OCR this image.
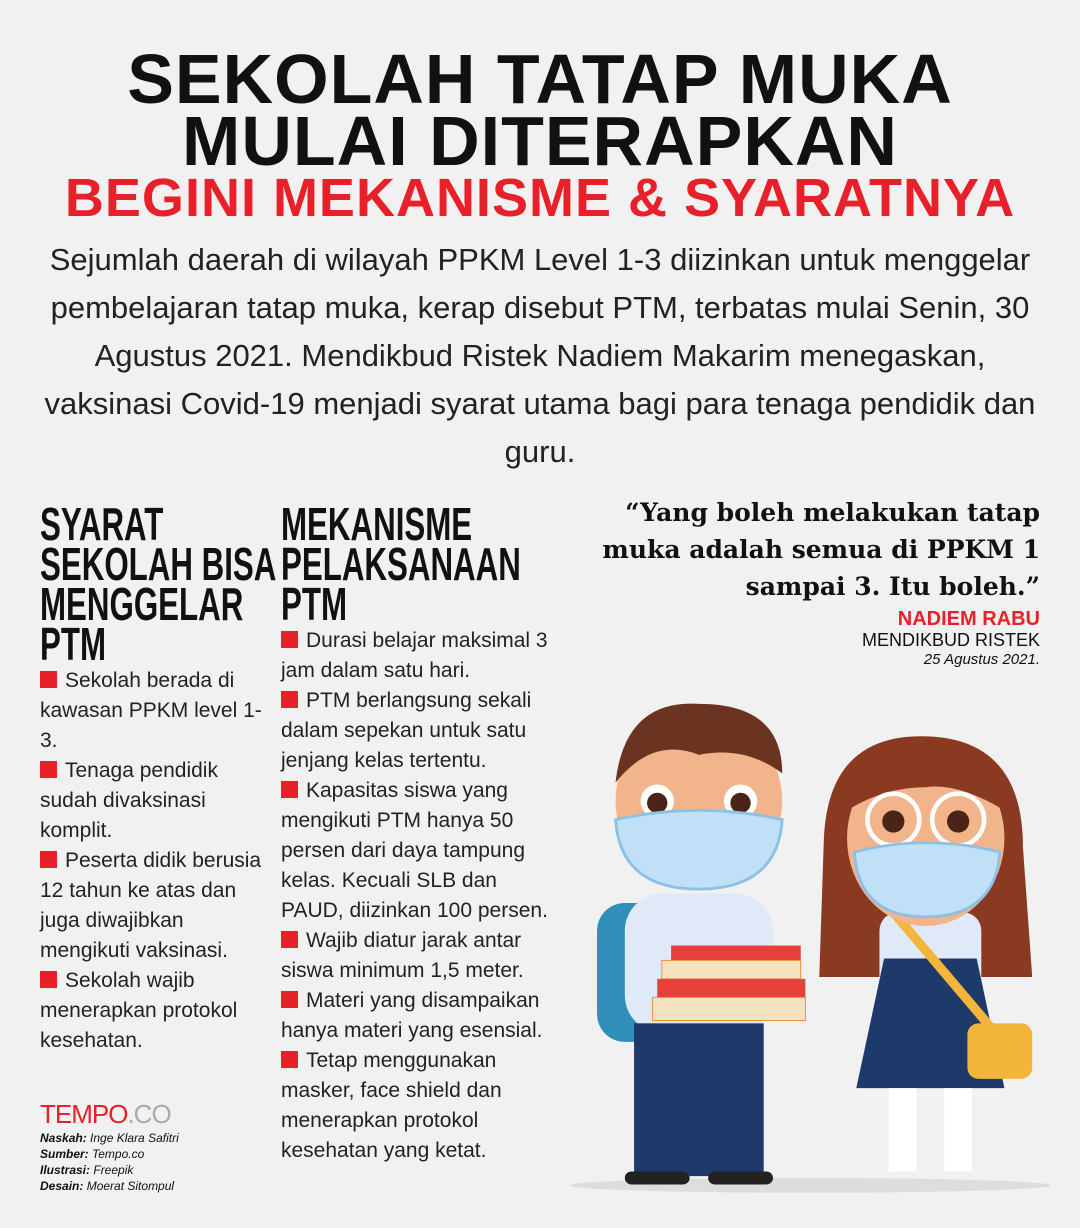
SEKOLAH TATAP MUKA
MULAI DITERAPKAN
BEGINI MEKANISME & SYARATNYA

Sejumlah daerah di wilayah PPKM Level 1-3 diizinkan untuk menggelar pembelajaran tatap muka, kerap disebut PTM, terbatas mulai Senin, 30 Agustus 2021. Mendikbud Ristek Nadiem Makarim menegaskan, vaksinasi Covid-19 menjadi syarat utama bagi para tenaga pendidik dan guru.

SYARAT
SEKOLAH BISA
MENGGELAR
PTM
Sekolah berada di kawasan PPKM level 1-3.
Tenaga pendidik sudah divaksinasi komplit.
Peserta didik berusia 12 tahun ke atas dan juga diwajibkan mengikuti vaksinasi.
Sekolah wajib menerapkan protokol kesehatan.
MEKANISME
PELAKSANAAN
PTM
Durasi belajar maksimal 3 jam dalam satu hari.
PTM berlangsung sekali dalam sepekan untuk satu jenjang kelas tertentu.
Kapasitas siswa yang mengikuti PTM hanya 50 persen dari daya tampung kelas. Kecuali SLB dan PAUD, diizinkan 100 persen.
Wajib diatur jarak antar siswa minimum 1,5 meter.
Materi yang disampaikan hanya materi yang esensial.
Tetap menggunakan masker, face shield dan menerapkan protokol kesehatan yang ketat.
“Yang boleh melakukan tatap muka adalah semua di PPKM 1 sampai 3. Itu boleh.”
NADIEM RABU
MENDIKBUD RISTEK
25 Agustus 2021.
TEMPO.CO
Naskah: Inge Klara Safitri
Sumber: Tempo.co
Ilustrasi: Freepik
Desain: Moerat Sitompul
